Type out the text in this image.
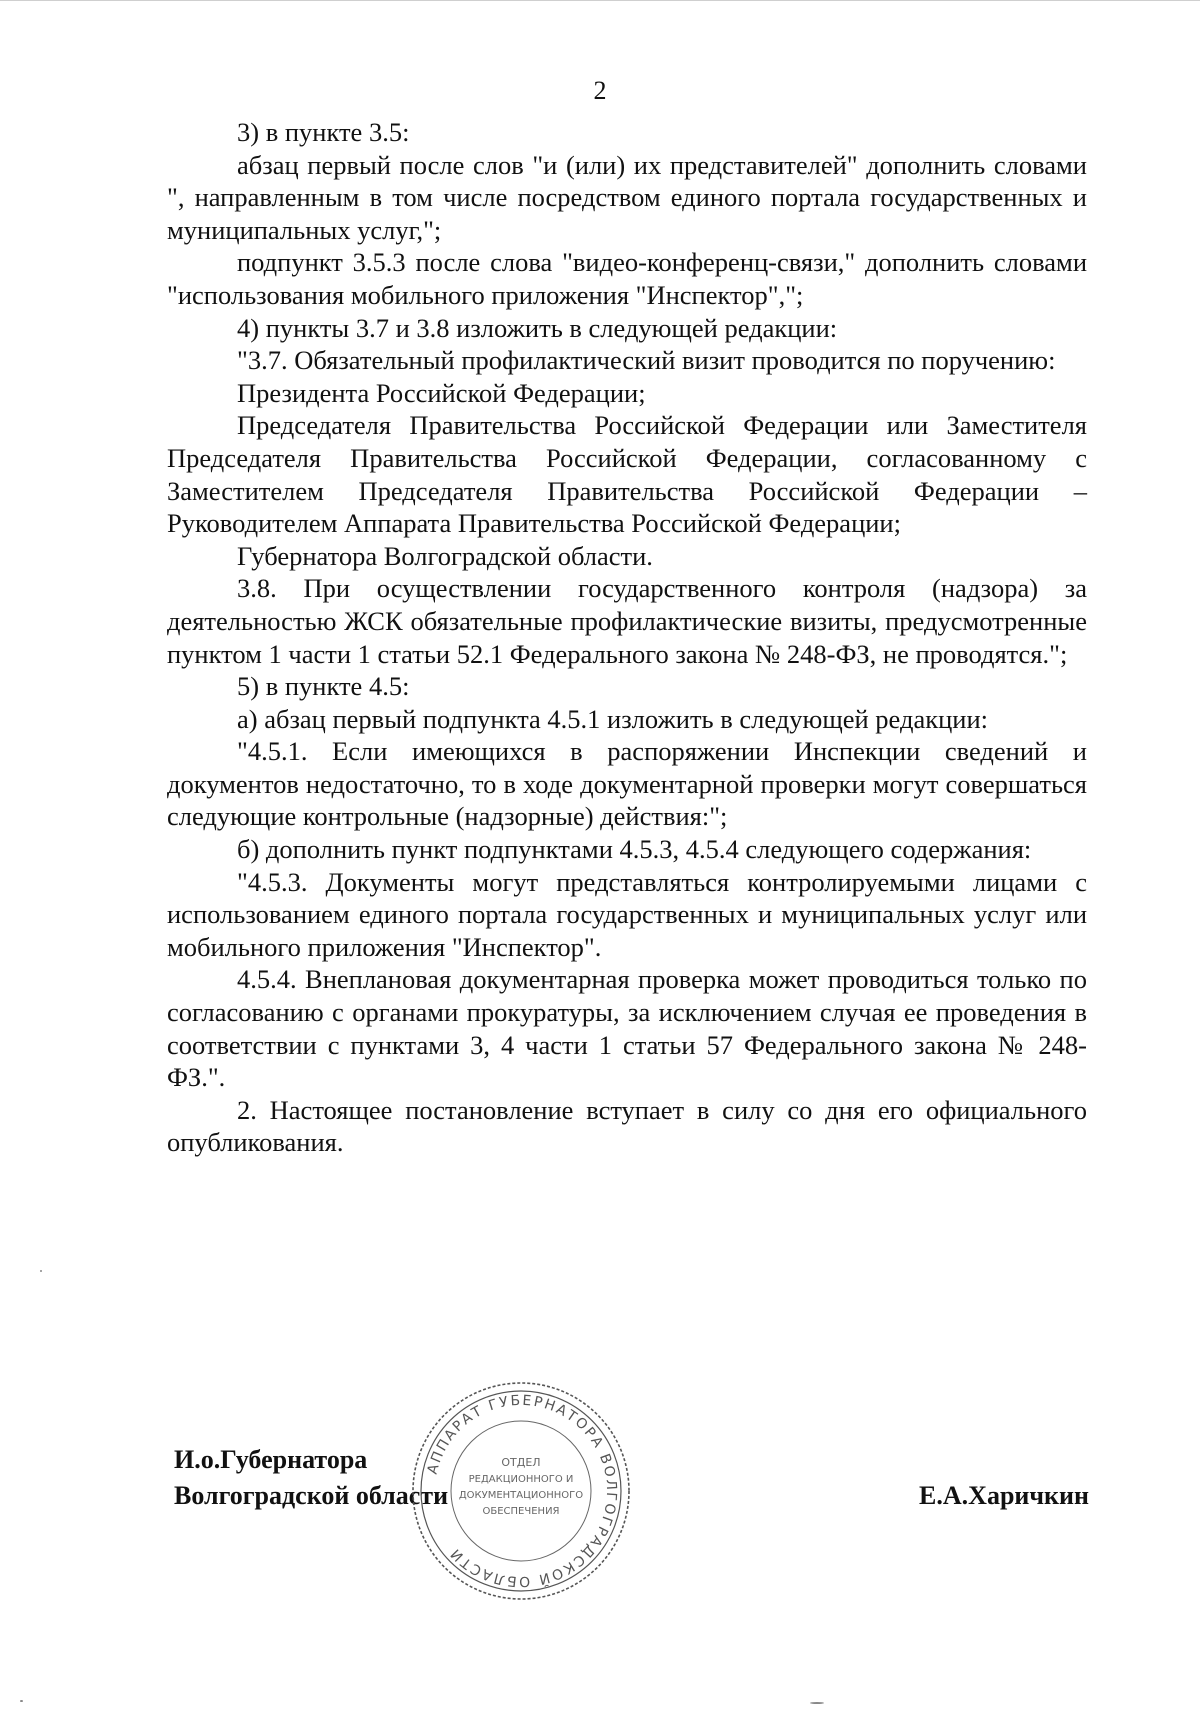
2

3) в пункте 3.5:

абзац первый после слов "и (или) их представителей" дополнить словами ", направленным в том числе посредством единого портала государственных и муниципальных услуг,";

подпункт 3.5.3 после слова "видео-конференц-связи," дополнить словами "использования мобильного приложения "Инспектор",";

4) пункты 3.7 и 3.8 изложить в следующей редакции:

"3.7. Обязательный профилактический визит проводится по поручению:

Президента Российской Федерации;

Председателя Правительства Российской Федерации или Заместителя Председателя Правительства Российской Федерации, согласованному с Заместителем Председателя Правительства Российской Федерации – Руководителем Аппарата Правительства Российской Федерации;

Губернатора Волгоградской области.

3.8. При осуществлении государственного контроля (надзора) за деятельностью ЖСК обязательные профилактические визиты, предусмотренные пунктом 1 части 1 статьи 52.1 Федерального закона № 248-ФЗ, не проводятся.";

5) в пункте 4.5:

а) абзац первый подпункта 4.5.1 изложить в следующей редакции:

"4.5.1. Если имеющихся в распоряжении Инспекции сведений и документов недостаточно, то в ходе документарной проверки могут совершаться следующие контрольные (надзорные) действия:";

б) дополнить пункт подпунктами 4.5.3, 4.5.4 следующего содержания:

"4.5.3. Документы могут представляться контролируемыми лицами с использованием единого портала государственных и муниципальных услуг или мобильного приложения "Инспектор".

4.5.4. Внеплановая документарная проверка может проводиться только по согласованию с органами прокуратуры, за исключением случая ее проведения в соответствии с пунктами 3, 4 части 1 статьи 57 Федерального закона № 248-ФЗ.".

2. Настоящее постановление вступает в силу со дня его официального опубликования.

И.о.Губернатора
Волгоградской области	Е.А.Харичкин
АППАРАТ ГУБЕРНАТОРА ВОЛГОГРАДСКОЙ ОБЛАСТИ
ОТДЕЛ
РЕДАКЦИОННОГО И
ДОКУМЕНТАЦИОННОГО
ОБЕСПЕЧЕНИЯ
